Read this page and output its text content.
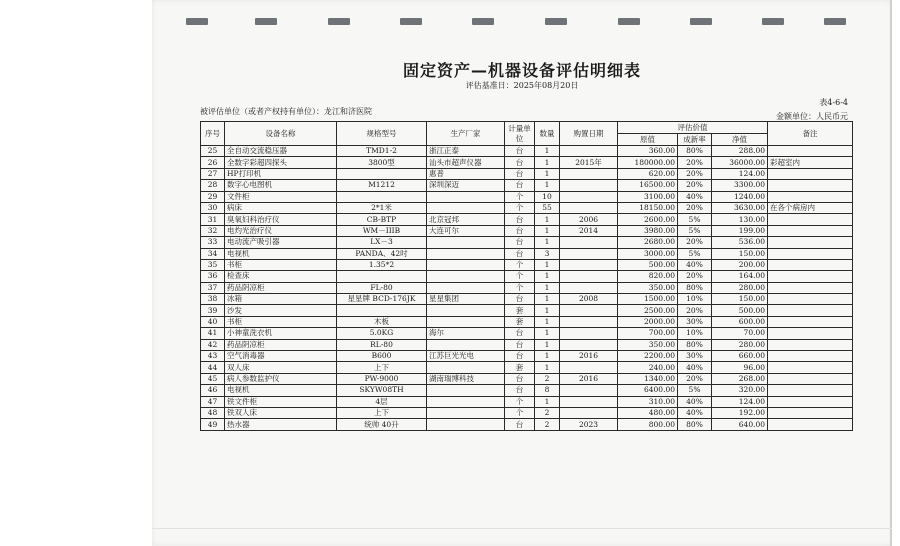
固定资产—机器设备评估明细表
评估基准日：2025年08月20日
表4-6-4
被评估单位（或者产权持有单位）：龙江和济医院
金额单位：人民币元
序号	设备名称	规格型号	生产厂家	计量单位	数量	购置日期	评估价值			备注
							原值	成新率	净值	
25	全自动交流稳压器	TMD1-2	浙江正泰	台	1		360.00	80%	288.00	
26	全数字彩超四探头	3800型	汕头市超声仪器	台	1	2015年	180000.00	20%	36000.00	彩超室内
27	HP打印机		惠普	台	1		620.00	20%	124.00	
28	数字心电图机	M1212	深圳深迈	台	1		16500.00	20%	3300.00	
29	文件柜			个	10		3100.00	40%	1240.00	
30	病床	2*1米		个	55		18150.00	20%	3630.00	在各个病房内
31	臭氧妇科治疗仪	CB-BTP	北京冠邦	台	1	2006	2600.00	5%	130.00	
32	电灼光治疗仪	WM－IIIB	大连可尔	台	1	2014	3980.00	5%	199.00	
33	电动流产吸引器	LX－3		台	1		2680.00	20%	536.00	
34	电视机	PANDA、42吋		台	3		3000.00	5%	150.00	
35	书柜	1.35*2		个	1		500.00	40%	200.00	
36	检查床			个	1		820.00	20%	164.00	
37	药品阴凉柜	FL-80		个	1		350.00	80%	280.00	
38	冰箱	星星牌 BCD-176JK	星星集团	台	1	2008	1500.00	10%	150.00	
39	沙发			套	1		2500.00	20%	500.00	
40	书柜	木板		套	1		2000.00	30%	600.00	
41	小神童洗衣机	5.0KG	海尔	台	1		700.00	10%	70.00	
42	药品阴凉柜	RL-80		台	1		350.00	80%	280.00	
43	空气消毒器	B600	江苏巨光光电	台	1	2016	2200.00	30%	660.00	
44	双人床	上下		套	1		240.00	40%	96.00	
45	病人参数监护仪	PW-9000	湖南瑞博科技	台	2	2016	1340.00	20%	268.00	
46	电视机	SKYW08TH		台	8		6400.00	5%	320.00	
47	铁文件柜	4层		个	1		310.00	40%	124.00	
48	铁双人床	上下		个	2		480.00	40%	192.00	
49	热水器	统帅 40升		台	2	2023	800.00	80%	640.00	
